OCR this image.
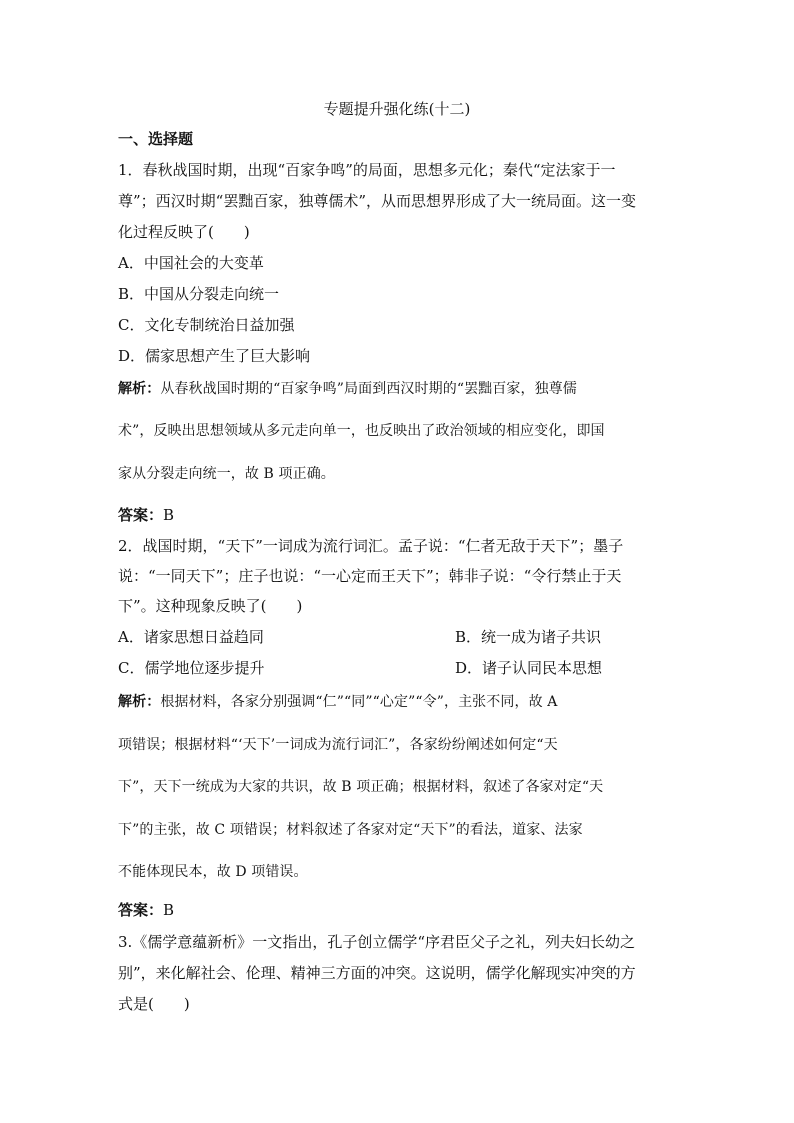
专题提升强化练(十二)
一、选择题
1．春秋战国时期，出现“百家争鸣”的局面，思想多元化；秦代“定法家于一
尊”；西汉时期“罢黜百家，独尊儒术”，从而思想界形成了大一统局面。这一变
化过程反映了(　　)
A．中国社会的大变革
B．中国从分裂走向统一
C．文化专制统治日益加强
D．儒家思想产生了巨大影响
解析：从春秋战国时期的“百家争鸣”局面到西汉时期的“罢黜百家，独尊儒
术”，反映出思想领域从多元走向单一，也反映出了政治领域的相应变化，即国
家从分裂走向统一，故 B 项正确。
答案：B
2．战国时期，“天下”一词成为流行词汇。孟子说：“仁者无敌于天下”；墨子
说：“一同天下”；庄子也说：“一心定而王天下”；韩非子说：“令行禁止于天
下”。这种现象反映了(　　)
A．诸家思想日益趋同	B．统一成为诸子共识
C．儒学地位逐步提升	D．诸子认同民本思想
解析：根据材料，各家分别强调“仁”“同”“心定”“令”，主张不同，故 A
项错误；根据材料“‘天下’一词成为流行词汇”，各家纷纷阐述如何定“天
下”，天下一统成为大家的共识，故 B 项正确；根据材料，叙述了各家对定“天
下”的主张，故 C 项错误；材料叙述了各家对定“天下”的看法，道家、法家
不能体现民本，故 D 项错误。
答案：B
3.《儒学意蕴新析》一文指出，孔子创立儒学“序君臣父子之礼，列夫妇长幼之
别”，来化解社会、伦理、精神三方面的冲突。这说明，儒学化解现实冲突的方
式是(　　)
